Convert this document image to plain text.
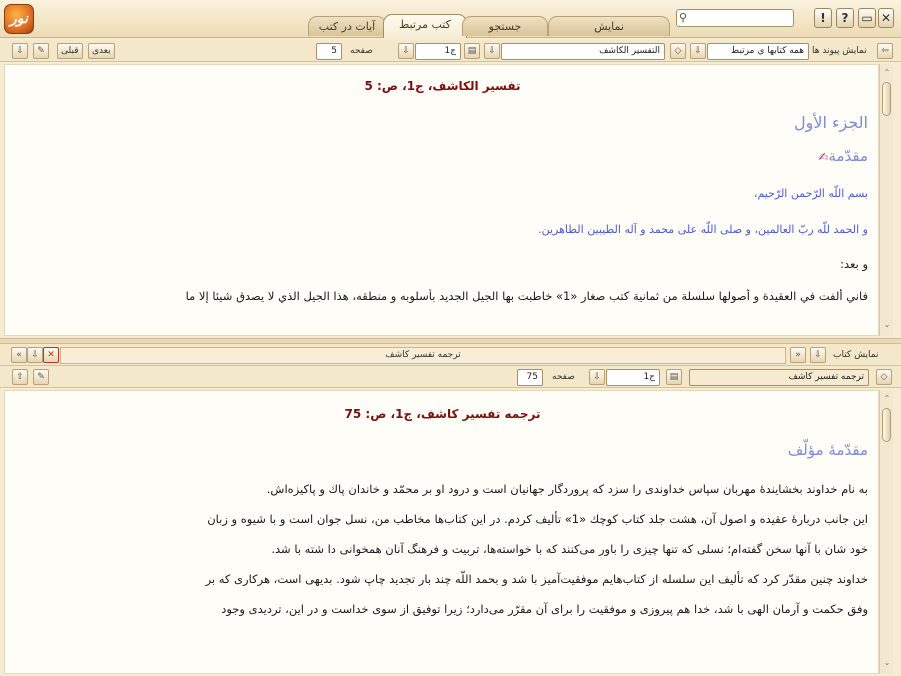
نور	آیات در کتب	کتب مرتبط	جستجو	نمایش
⚲	!	?	▭ ✕
⇩	✎	قبلی	بعدی	5	صفحه	⇩	ج1	▤	⇩	التفسير الكاشف	◇	⇩	همه کتابها ي مرتبط نمایش پیوند ها	⇦
تفسير الكاشف، ج1، ص: 5
الجزء الأول
مقدّمة✍
بسم اللّه الرّحمن الرّحيم،
و الحمد للّه ربّ العالمين، و صلى اللّه على محمد و آله الطيبين الطاهرين.
و بعد:
فاني ألفت في العقيدة و أصولها سلسلة من ثمانية كتب صغار «1» خاطبت بها الجيل الجديد بأسلوبه و منطقه، هذا الجيل الذي لا يصدق شيئا إلا ما
⌃
⌄
«	⇩ ✕	ترجمه تفسير كاشف	»	⇩	نمایش کتاب
⇧	✎	75	صفحه	⇩	ج1	▤	ترجمه تفسير كاشف	◇
ترجمه تفسير كاشف، ج1، ص: 75
مقدّمهٔ مؤلّف
به نام خداوند بخشایندهٔ مهربان سپاس خداوندی را سزد که پروردگار جهانیان است و درود او بر محمّد و خاندان پاك و پاکیزه‌اش.
این جانب دربارهٔ عقیده و اصول آن، هشت جلد کتاب کوچك «1» تألیف کردم. در این کتاب‌ها مخاطب من، نسل جوان است و با شیوه و زبان
خود شان با آنها سخن گفته‌ام؛ نسلی که تنها چیزی را باور می‌کنند که با خواسته‌ها، تربیت و فرهنگ آنان همخوانی دا شته با شد.
خداوند چنین مقدّر کرد که تألیف این سلسله از کتاب‌هایم موفقیت‌آمیز با شد و بحمد اللّه چند بار تجدید چاپ شود. بدیهی است، هرکاری که بر
وفق حکمت و آرمان الهی با شد، خدا هم پیروزی و موفقیت را برای آن مقرّر می‌دارد؛ زیرا توفیق از سوی خداست و در این، تردیدی وجود
⌃
⌄
